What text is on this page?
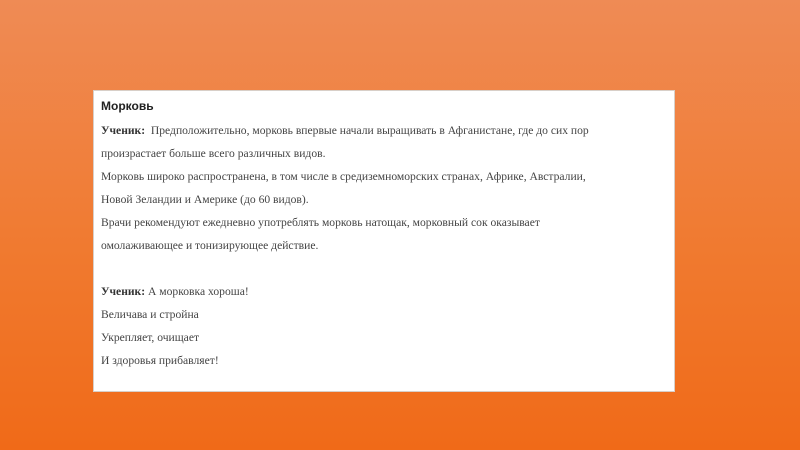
Морковь
Ученик: Предположительно, морковь впервые начали выращивать в Афганистане, где до сих пор
произрастает больше всего различных видов.
Морковь широко распространена, в том числе в средиземноморских странах, Африке, Австралии,
Новой Зеландии и Америке (до 60 видов).
Врачи рекомендуют ежедневно употреблять морковь натощак, морковный сок оказывает
омолаживающее и тонизирующее действие.
Ученик: А морковка хороша!
Величава и стройна
Укрепляет, очищает
И здоровья прибавляет!
